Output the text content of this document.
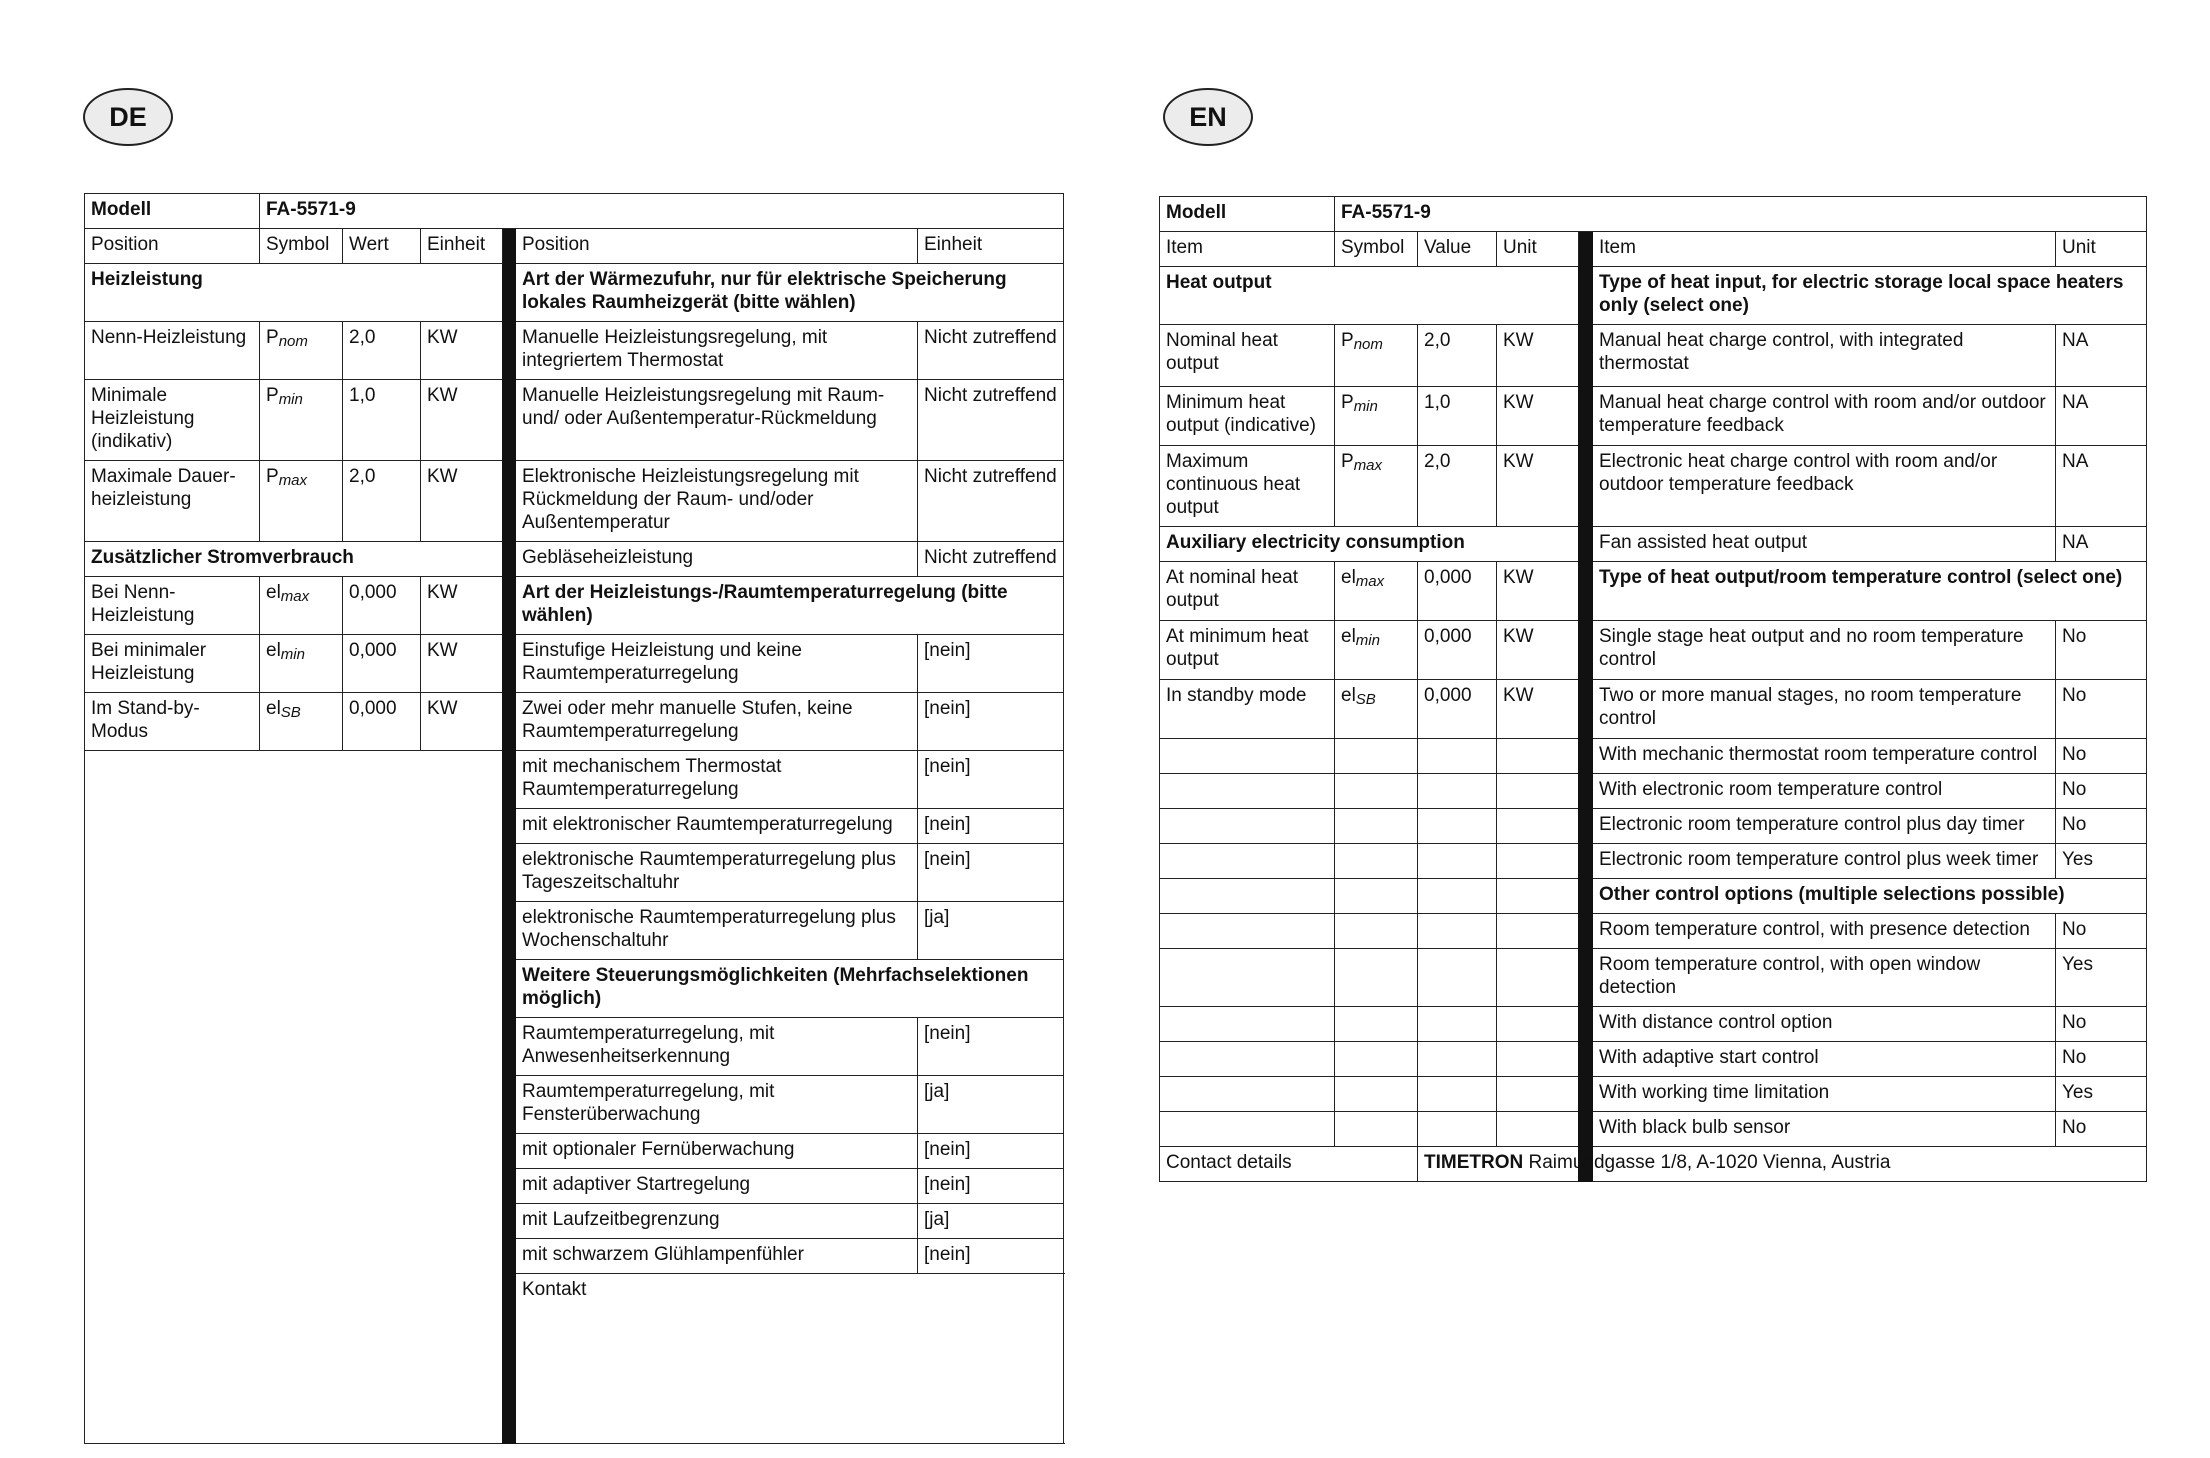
DE
Modell	FA-5571-9						
Position	Symbol	Wert	Einheit		Position	Einheit	
Heizleistung					Art der Wärmezufuhr, nur für elektrische Speicherung lokales Raumheizgerät (bitte wählen)		
Nenn-Heizleistung	$P_{nom}$	2,0	KW		Manuelle Heizleistungsregelung, mit integriertem Thermostat	Nicht zutreffend	
Minimale Heizleistung (indikativ)	$P_{min}$	1,0	KW		Manuelle Heizleistungsregelung mit Raum- und/ oder Außentemperatur-Rückmeldung	Nicht zutreffend	
Maximale Dauer-heizleistung	$P_{max}$	2,0	KW		Elektronische Heizleistungsregelung mit Rückmeldung der Raum- und/oder Außentemperatur	Nicht zutreffend	
Zusätzlicher Stromverbrauch					Gebläseheizleistung	Nicht zutreffend	
Bei Nenn-Heizleistung	$el_{max}$	0,000	KW		Art der Heizleistungs-/Raumtemperaturregelung (bitte wählen)		
Bei minimaler Heizleistung	$el_{min}$	0,000	KW		Einstufige Heizleistung und keine Raumtemperaturregelung	[nein]	
Im Stand-by-Modus	$el_{SB}$	0,000	KW		Zwei oder mehr manuelle Stufen, keine Raumtemperaturregelung	[nein]	
					mit mechanischem Thermostat Raumtemperaturregelung	[nein]	
					mit elektronischer Raumtemperaturregelung	[nein]	
					elektronische Raumtemperaturregelung plus Tageszeitschaltuhr	[nein]	
					elektronische Raumtemperaturregelung plus Wochenschaltuhr	[ja]	
					Weitere Steuerungsmöglichkeiten (Mehrfachselektionen möglich)		
					Raumtemperaturregelung, mit Anwesenheitserkennung	[nein]	
					Raumtemperaturregelung, mit Fensterüberwachung	[ja]	
					mit optionaler Fernüberwachung	[nein]	
					mit adaptiver Startregelung	[nein]	
					mit Laufzeitbegrenzung	[ja]	
					mit schwarzem Glühlampenfühler	[nein]	
					Kontakt	
EN
Modell	FA-5571-9					
Item	Symbol	Value	Unit		Item	Unit
Heat output					Type of heat input, for electric storage local space heaters only (select one)	
Nominal heat output	$P_{nom}$	2,0	KW		Manual heat charge control, with integrated thermostat	NA
Minimum heat output (indicative)	$P_{min}$	1,0	KW		Manual heat charge control with room and/or outdoor temperature feedback	NA
Maximum continuous heat output	$P_{max}$	2,0	KW		Electronic heat charge control with room and/or outdoor temperature feedback	NA
Auxiliary electricity consumption					Fan assisted heat output	NA
At nominal heat output	$el_{max}$	0,000	KW		Type of heat output/room temperature control (select one)	
At minimum heat output	$el_{min}$	0,000	KW		Single stage heat output and no room temperature control	No
In standby mode	$el_{SB}$	0,000	KW		Two or more manual stages, no room temperature control	No
					With mechanic thermostat room temperature control	No
					With electronic room temperature control	No
					Electronic room temperature control plus day timer	No
					Electronic room temperature control plus week timer	Yes
					Other control options (multiple selections possible)	
					Room temperature control, with presence detection	No
					Room temperature control, with open window detection	Yes
					With distance control option	No
					With adaptive start control	No
					With working time limitation	Yes
					With black bulb sensor	No
Contact details		TIMETRON Raimundgasse 1/8, A-1020 Vienna, Austria				
